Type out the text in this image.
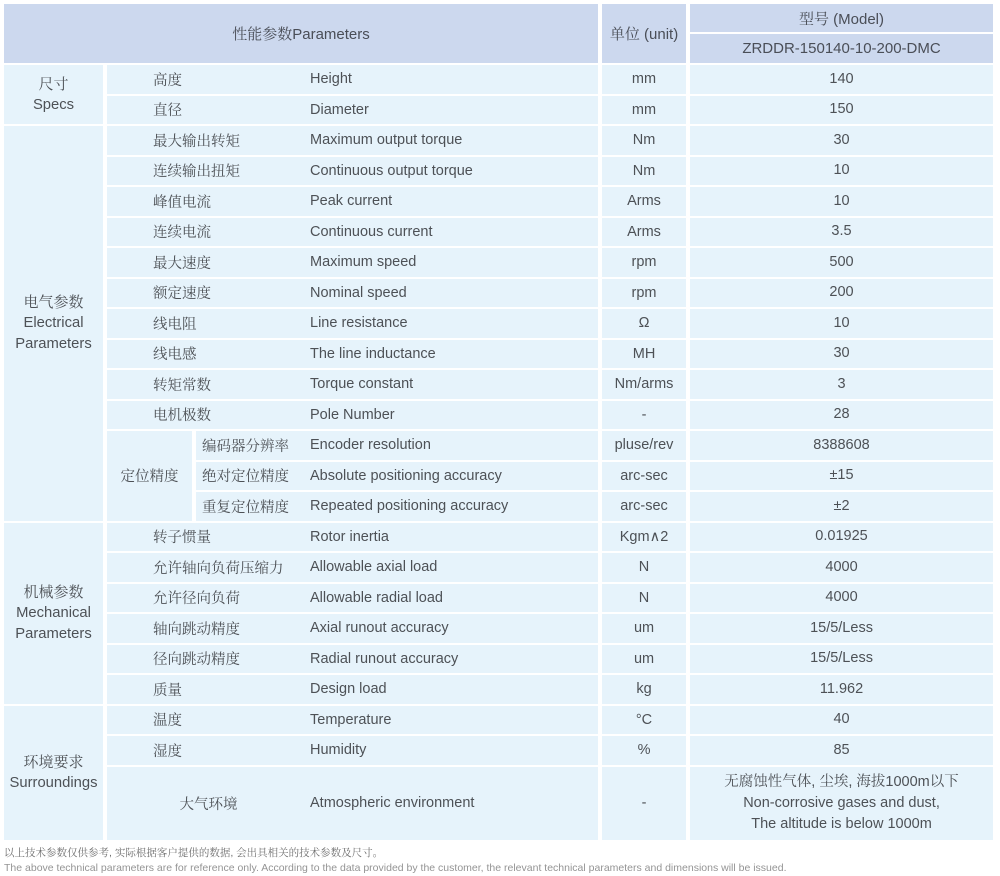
性能参数Parameters			单位 (unit)	型号 (Model)
				ZRDDR-150140-10-200-DMC

尺寸
Specs

高度	Height	mm	140

	直径 Diameter		mm	150

电气参数
Electrical Parameters

最大输出转矩	Maximum output torque	Nm	30

	连续输出扭矩 Continuous output torque		Nm	10

	峰值电流 Peak current		Arms	10

	连续电流 Continuous current		Arms	3.5

	最大速度 Maximum speed		rpm	500

	额定速度 Nominal speed		rpm	200

	线电阻 Line resistance		Ω	10

	线电感 The line inductance		MH	30

	转矩常数 Torque constant		Nm/arms	3

	电机极数 Pole Number		-	28
	定位精度	编码器分辨率 Encoder resolution	pluse/rev	8388608

		绝对定位精度 Absolute positioning accuracy	arc-sec	±15

		重复定位精度 Repeated positioning accuracy	arc-sec	±2

机械参数
Mechanical Parameters

转子惯量	Rotor inertia	Kgm∧2	0.01925

	允许轴向负荷压缩力 Allowable axial load		N	4000

	允许径向负荷 Allowable radial load		N	4000

	轴向跳动精度 Axial runout accuracy		um	15/5/Less

	径向跳动精度 Radial runout accuracy		um	15/5/Less

	质量 Design load		kg	11.962

环境要求
Surroundings

温度	Temperature	°C	40

	湿度 Humidity		%	85

大气环境	Atmospheric environment	-	
无腐蚀性气体, 尘埃, 海拔1000m以下
Non-corrosive gases and dust,
The altitude is below 1000m
以上技术参数仅供参考, 实际根据客户提供的数据, 会出具相关的技术参数及尺寸。
The above technical parameters are for reference only. According to the data provided by the customer, the relevant technical parameters and dimensions will be issued.
